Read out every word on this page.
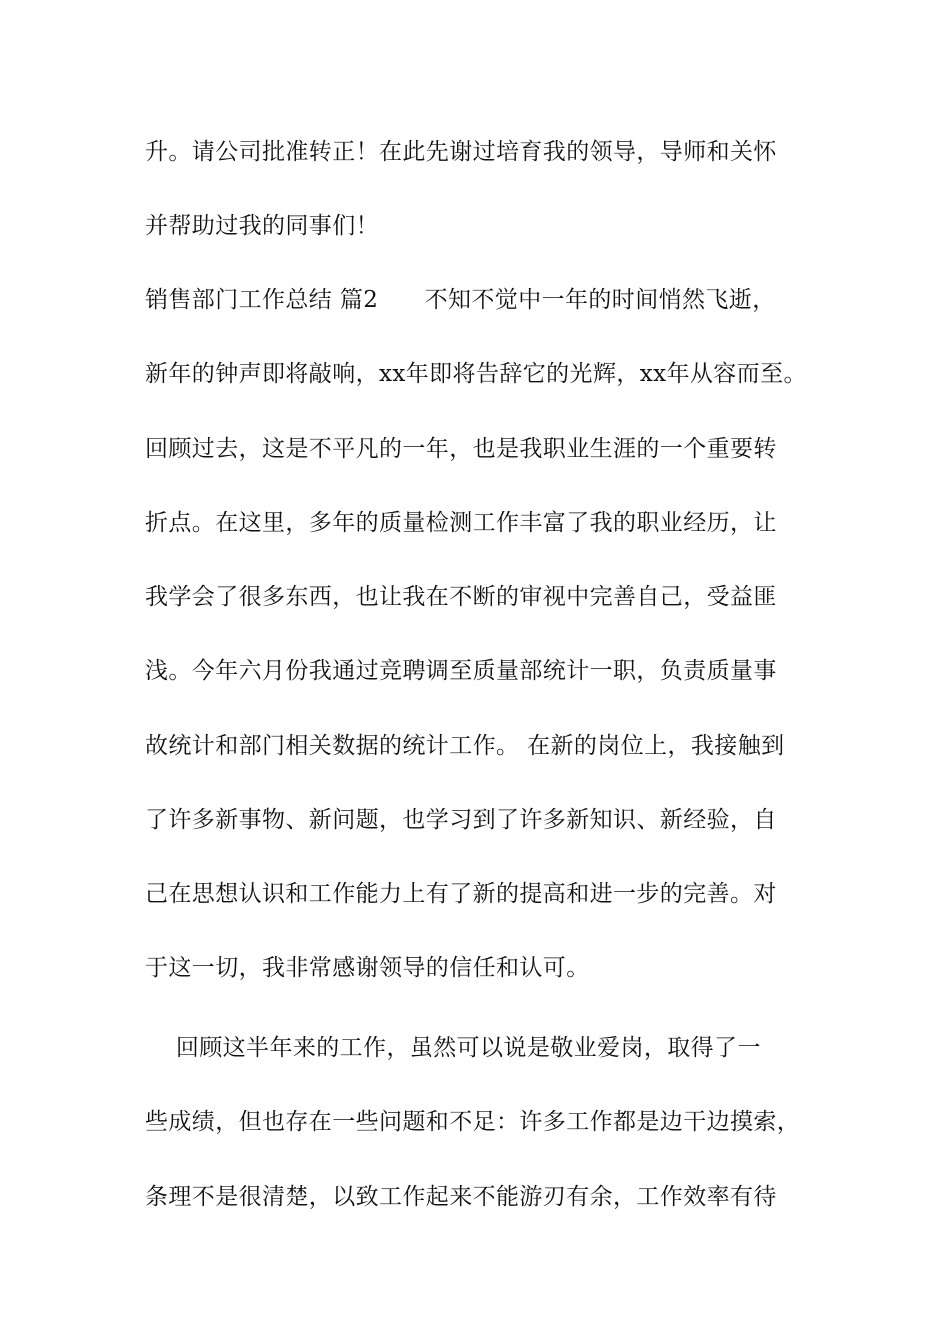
升。请公司批准转正！在此先谢过培育我的领导，导师和关怀
并帮助过我的同事们！
销售部门工作总结 篇2      不知不觉中一年的时间悄然飞逝，
新年的钟声即将敲响，xx年即将告辞它的光辉，xx年从容而至。
回顾过去，这是不平凡的一年，也是我职业生涯的一个重要转
折点。在这里，多年的质量检测工作丰富了我的职业经历，让
我学会了很多东西，也让我在不断的审视中完善自己，受益匪
浅。今年六月份我通过竞聘调至质量部统计一职，负责质量事
故统计和部门相关数据的统计工作。 在新的岗位上，我接触到
了许多新事物、新问题，也学习到了许多新知识、新经验，自
己在思想认识和工作能力上有了新的提高和进一步的完善。对
于这一切，我非常感谢领导的信任和认可。
回顾这半年来的工作，虽然可以说是敬业爱岗，取得了一
些成绩，但也存在一些问题和不足：许多工作都是边干边摸索，
条理不是很清楚，以致工作起来不能游刃有余，工作效率有待
